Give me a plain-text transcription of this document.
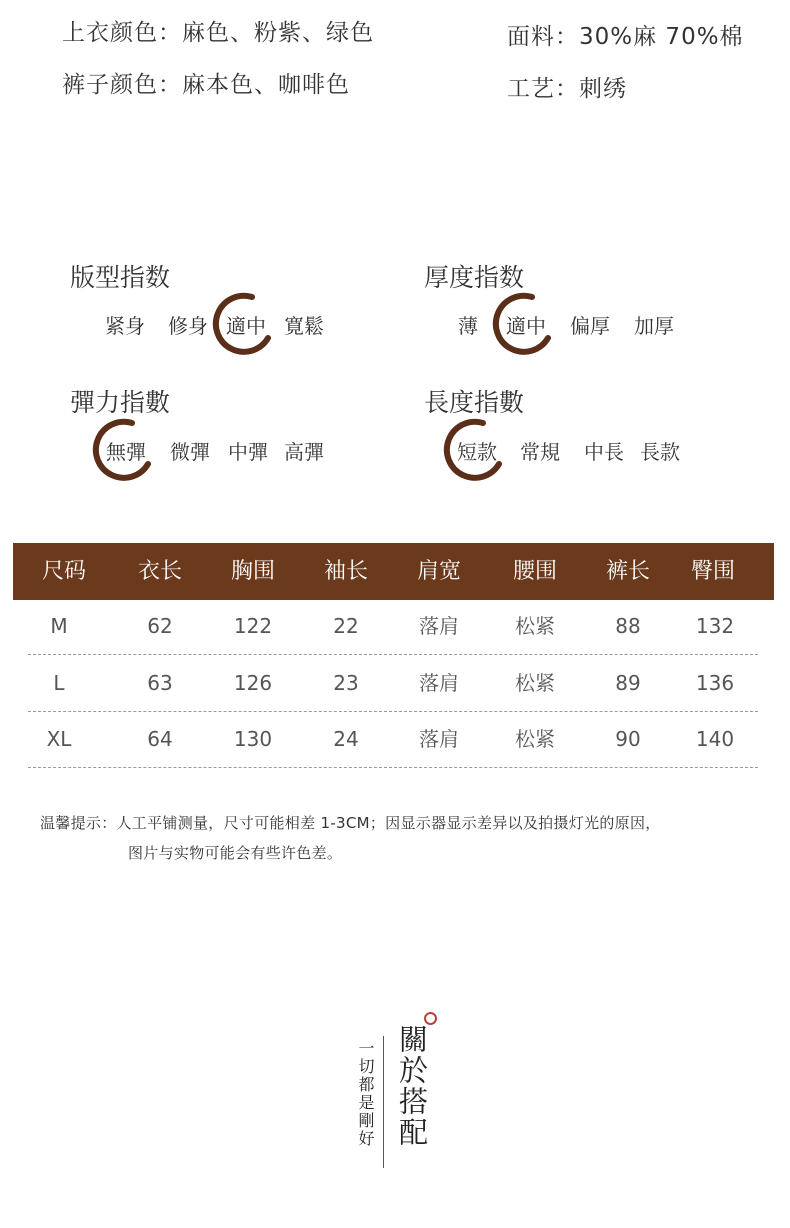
上衣颜色：麻色、粉紫、绿色
裤子颜色：麻本色、咖啡色
面料：30%麻 70%棉
工艺：刺绣
版型指数
紧身 修身 適中 寛鬆
厚度指数
薄 適中 偏厚 加厚
彈力指數
無彈 微彈 中彈 高彈
長度指數
短款 常規 中長 長款
尺码	衣长	胸围	袖长	肩宽	腰围	裤长	臀围
M	62	122	22	落肩	松紧	88	132
L	63	126	23	落肩	松紧	89	136
XL	64	130	24	落肩	松紧	90	140
温馨提示：人工平铺测量，尺寸可能相差 1-3CM；因显示器显示差异以及拍摄灯光的原因，
图片与实物可能会有些许色差。
一切都是剛好 關於搭配
